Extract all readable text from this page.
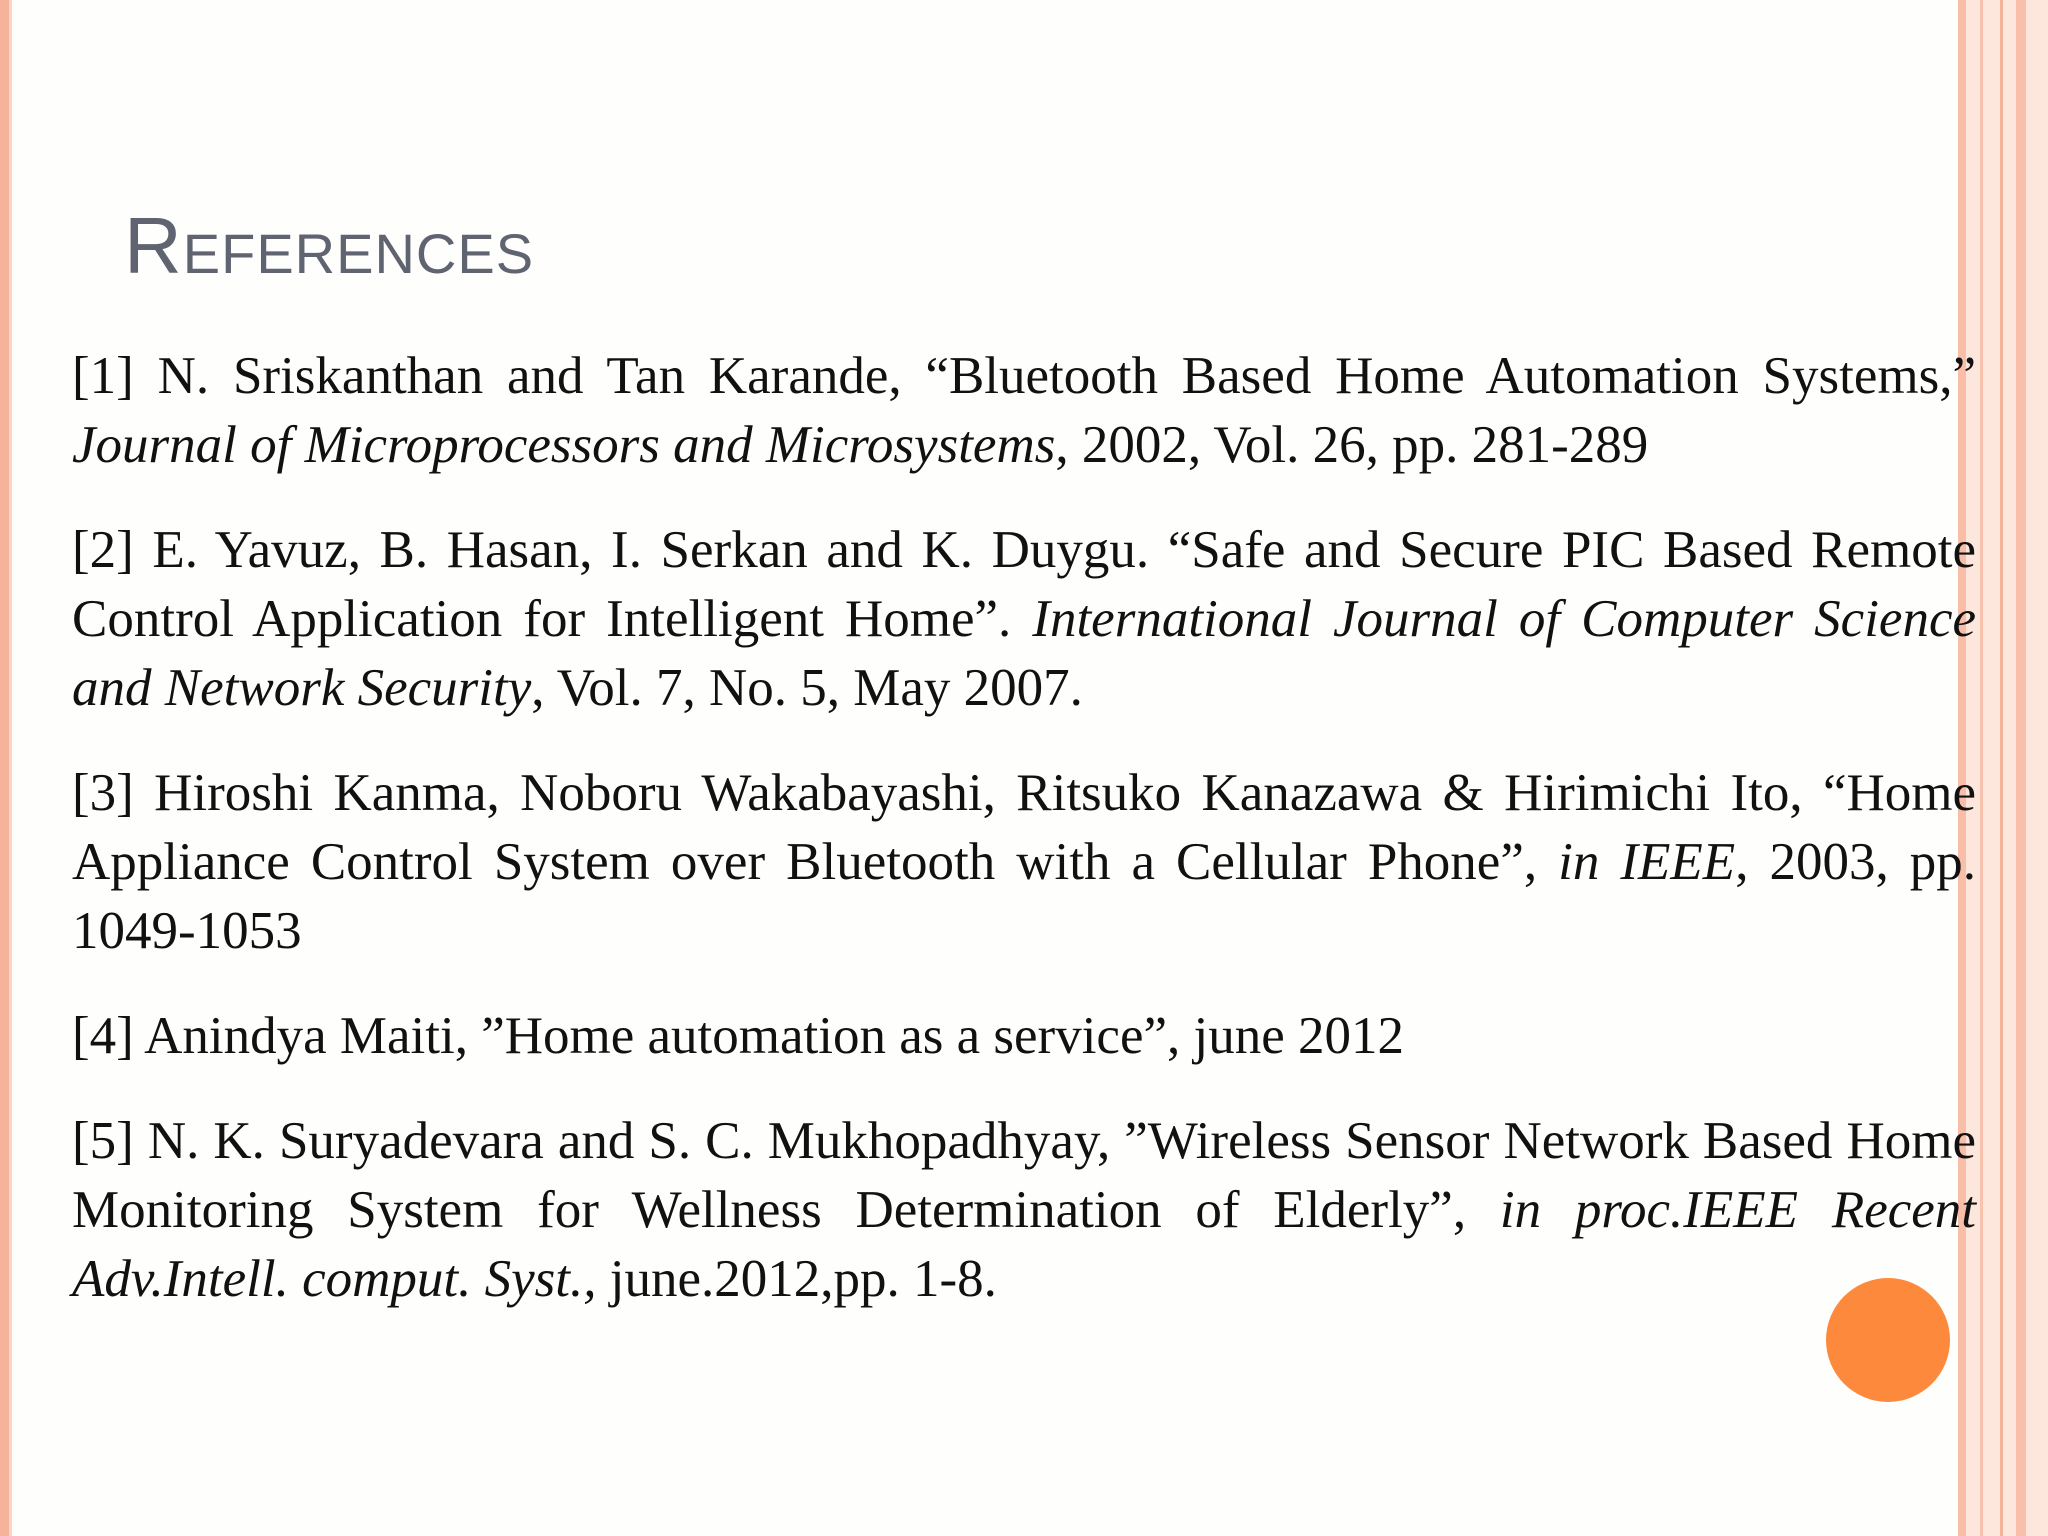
References

[1] N. Sriskanthan and Tan Karande, “Bluetooth Based Home Automation Systems,” Journal of Microprocessors and Microsystems, 2002, Vol. 26, pp. 281-289

[2] E. Yavuz, B. Hasan, I. Serkan and K. Duygu. “Safe and Secure PIC Based Remote Control Application for Intelligent Home”. International Journal of Computer Science and Network Security, Vol. 7, No. 5, May 2007.

[3] Hiroshi Kanma, Noboru Wakabayashi, Ritsuko Kanazawa & Hirimichi Ito, “Home Appliance Control System over Bluetooth with a Cellular Phone”, in IEEE, 2003, pp. 1049-1053

[4] Anindya Maiti, ”Home automation as a service”, june 2012

[5] N. K. Suryadevara and S. C. Mukhopadhyay, ”Wireless Sensor Network Based Home Monitoring System for Wellness Determination of Elderly”, in proc.IEEE Recent Adv.Intell. comput. Syst., june.2012,pp. 1-8.
